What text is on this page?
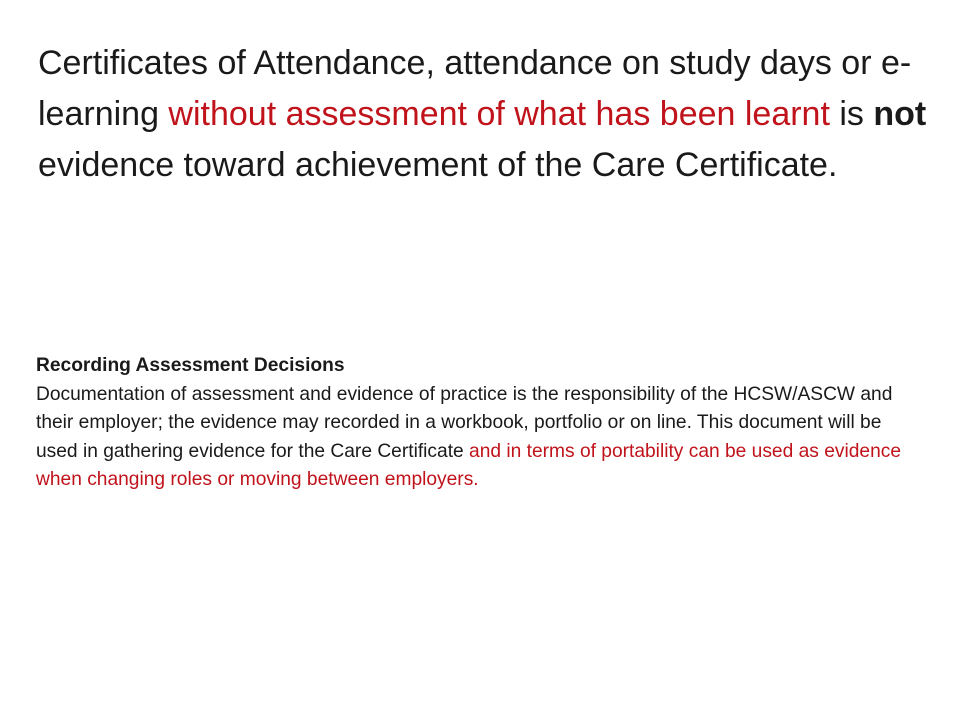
Certificates of Attendance, attendance on study days or e-learning without assessment of what has been learnt is not evidence toward achievement of the Care Certificate.

Recording Assessment Decisions

Documentation of assessment and evidence of practice is the responsibility of the HCSW/ASCW and their employer; the evidence may recorded in a workbook, portfolio or on line. This document will be used in gathering evidence for the Care Certificate and in terms of portability can be used as evidence when changing roles or moving between employers.
